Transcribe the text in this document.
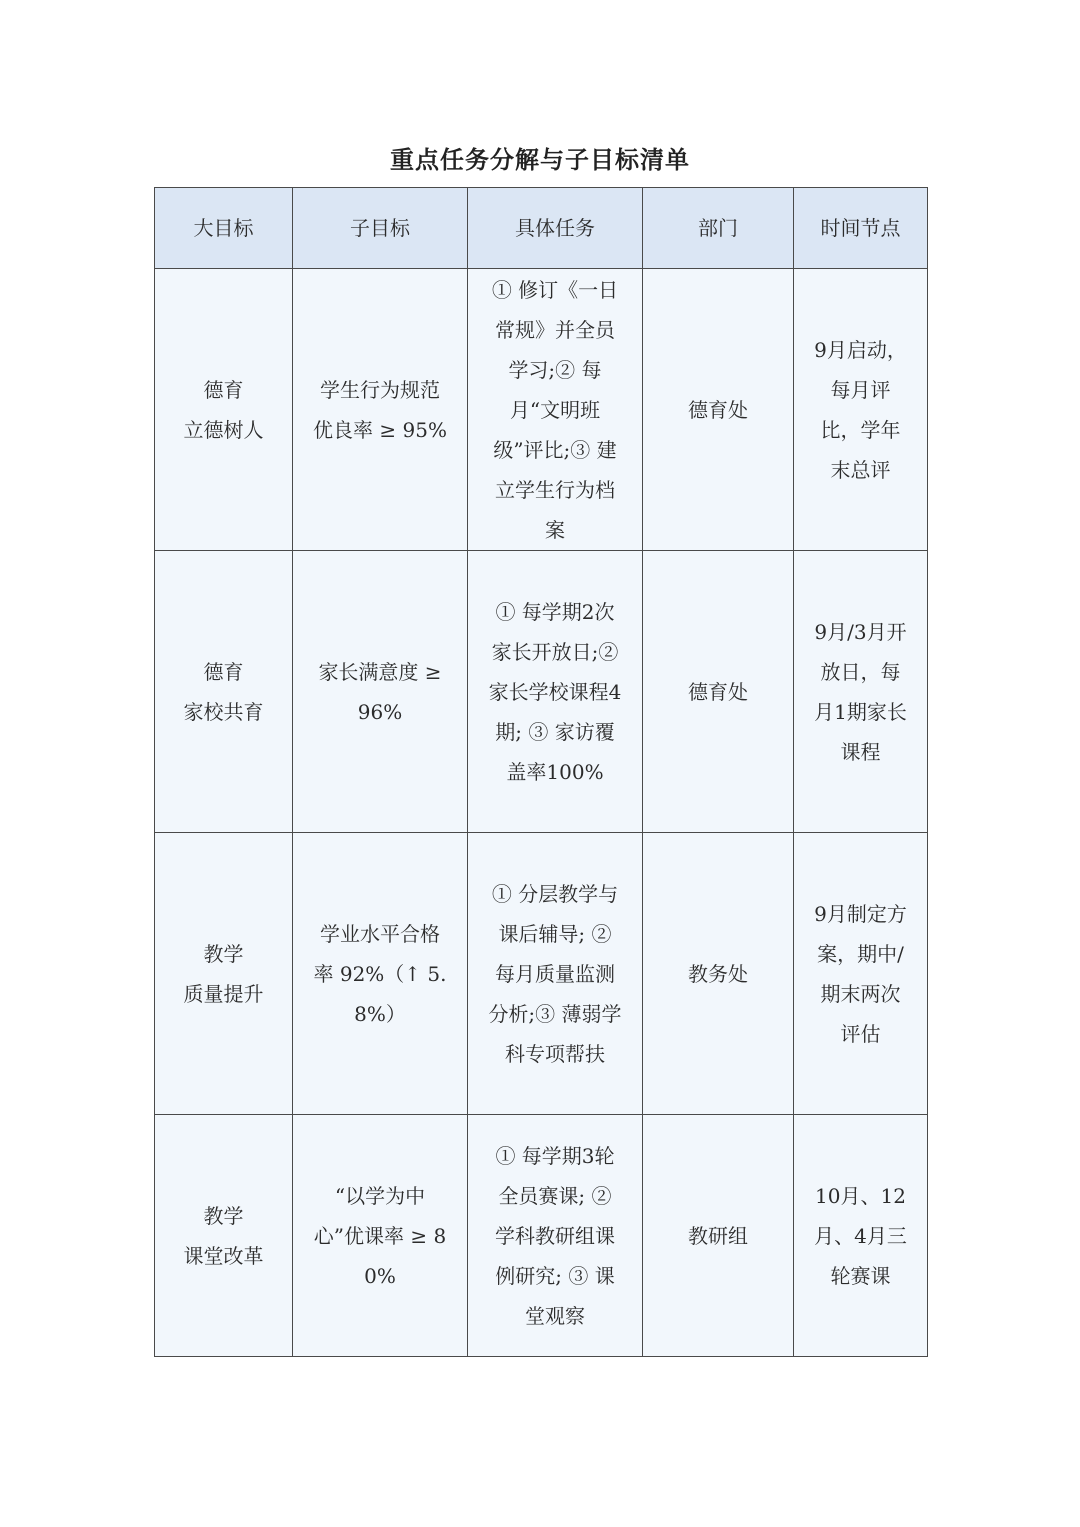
重点任务分解与子目标清单
大目标	子目标	具体任务	部门	时间节点

德育
立德树人	学生行为规范优良率 ≥ 95%	① 修订《一日常规》并全员学习;② 每月“文明班级”评比;③ 建立学生行为档案	德育处	9月启动，每月评比，学年末总评

德育
家校共育	家长满意度 ≥ 96%	① 每学期2次家长开放日;② 家长学校课程4期; ③ 家访覆盖率100%	德育处	9月/3月开放日，每月1期家长课程

教学
质量提升	学业水平合格率 92%（↑ 5.8%）	① 分层教学与课后辅导; ② 每月质量监测分析;③ 薄弱学科专项帮扶	教务处	9月制定方案，期中/期末两次评估

教学
课堂改革	“以学为中心”优课率 ≥ 80%	① 每学期3轮全员赛课; ② 学科教研组课例研究; ③ 课堂观察	教研组	10月、12月、4月三轮赛课
